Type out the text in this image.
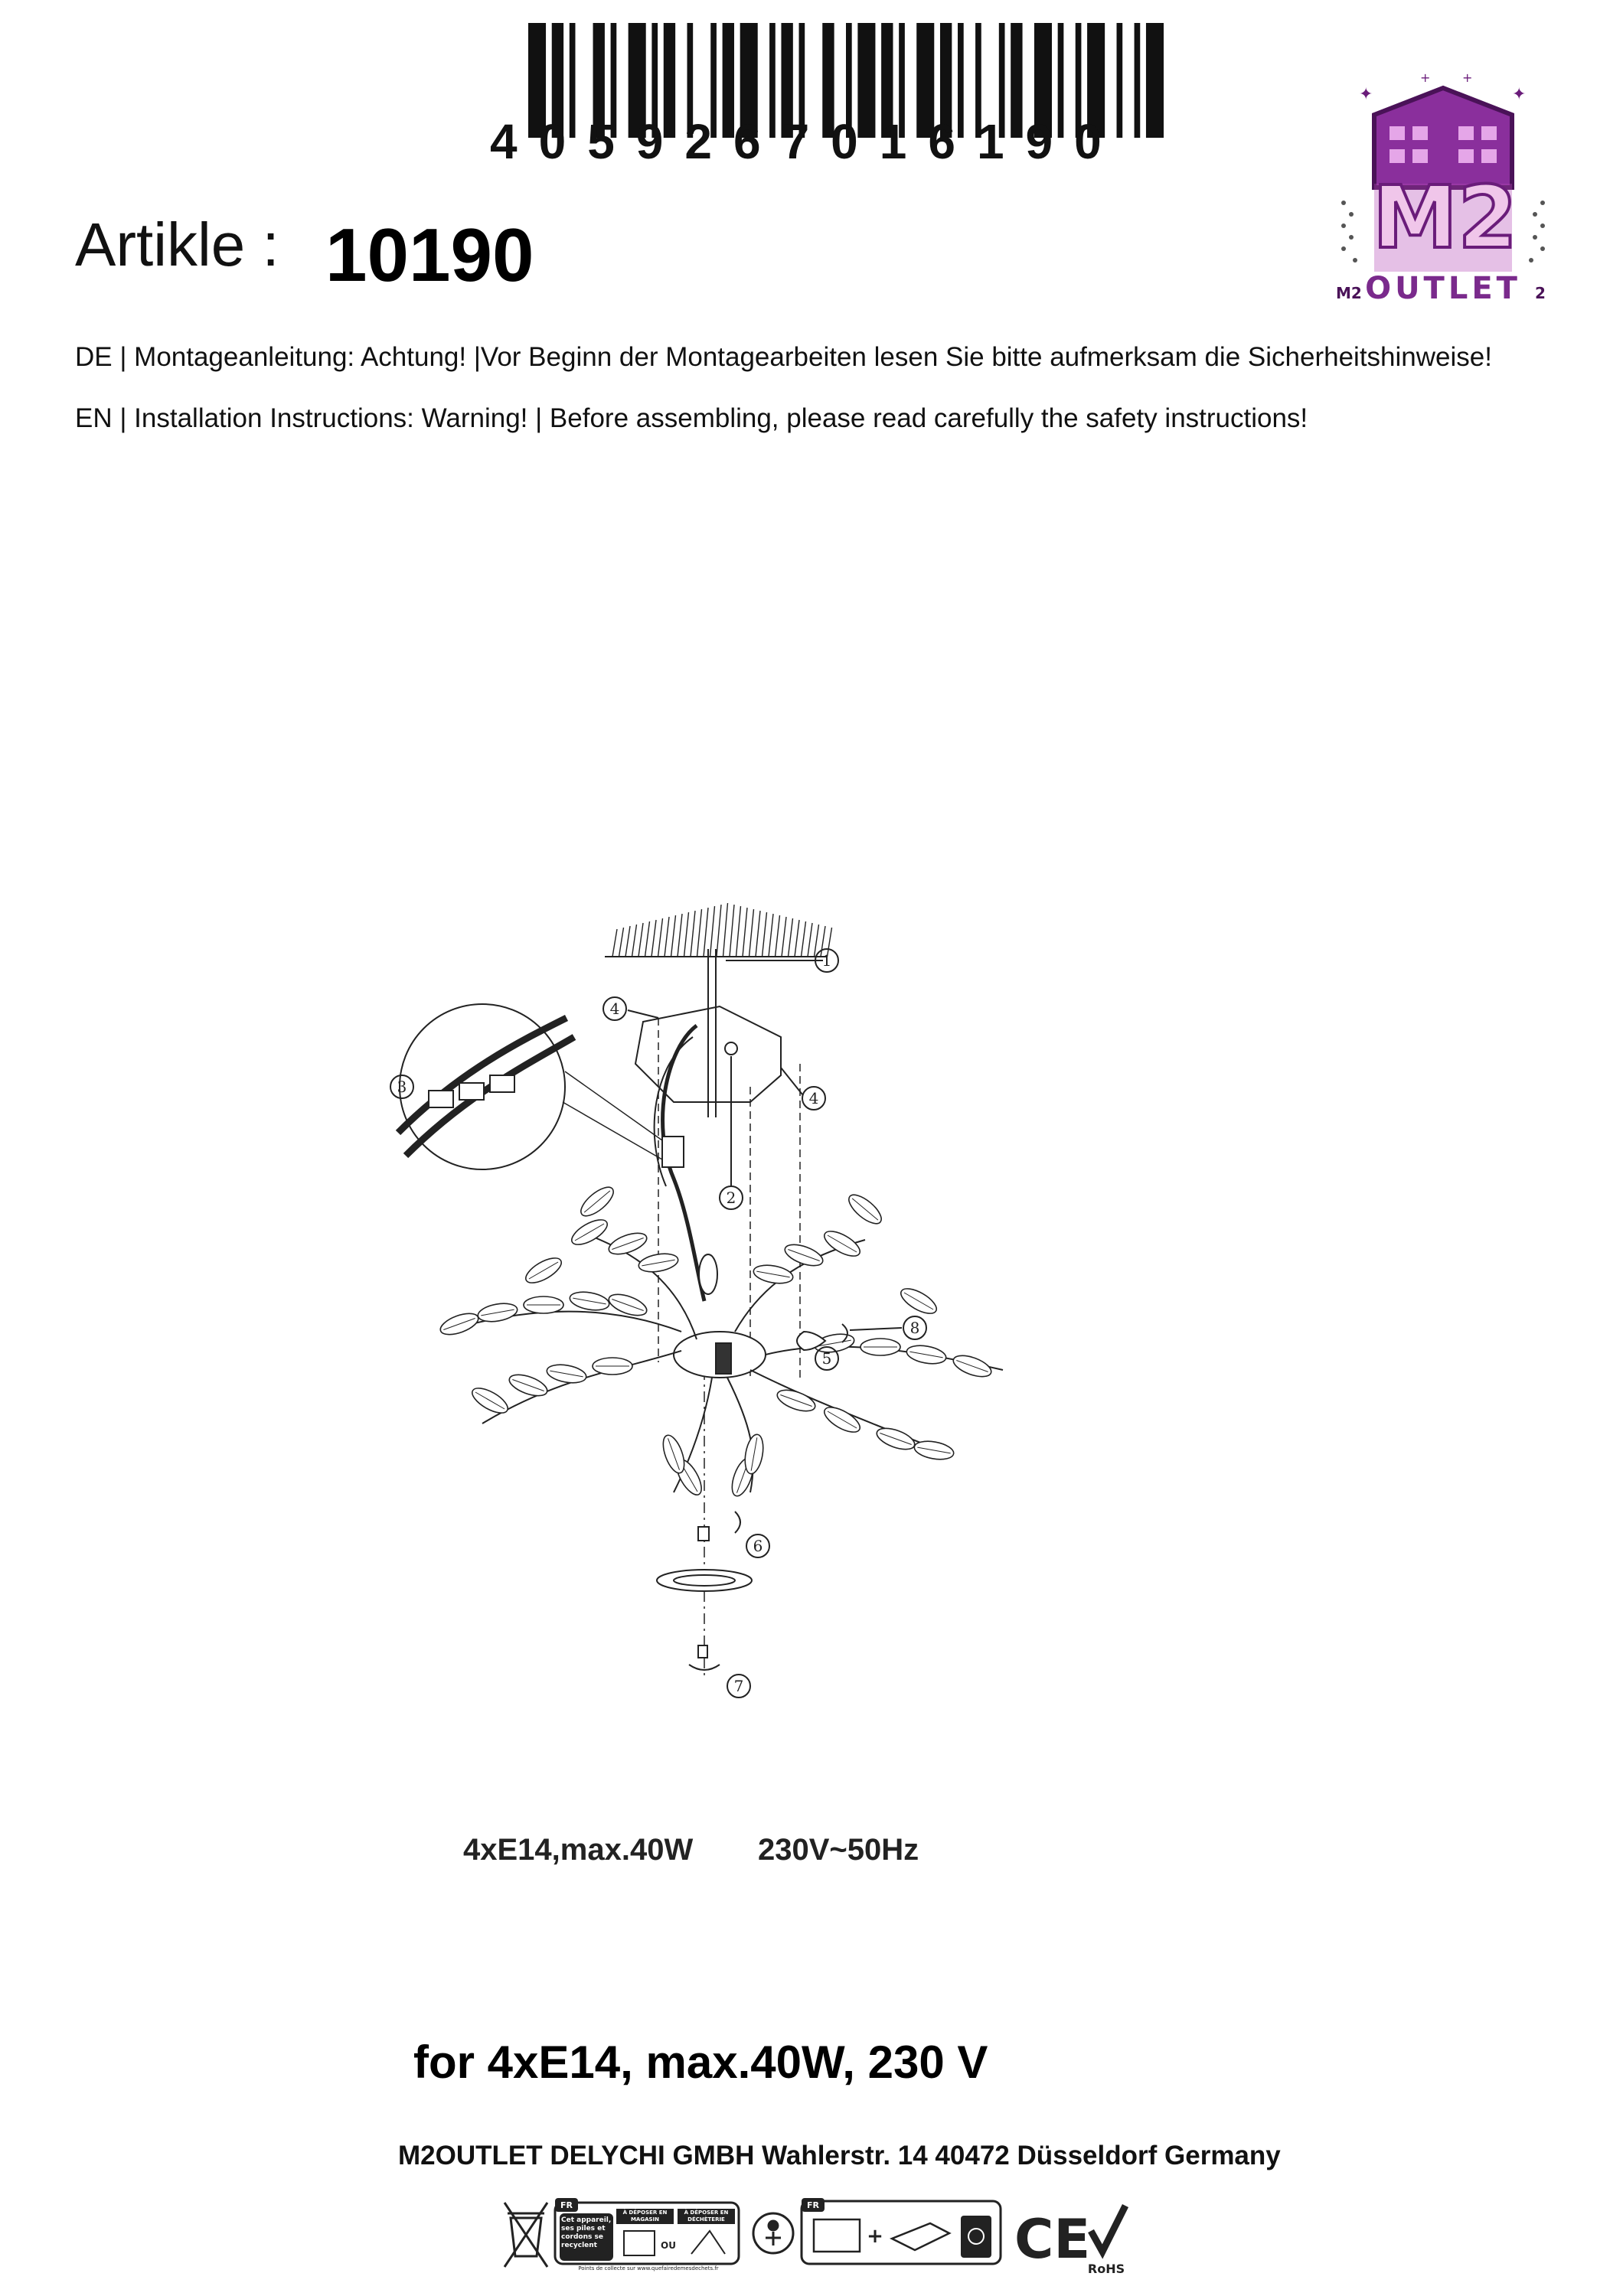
4059267016190
✦	✦
+	+
M2	2
M2
OUTLET
Artikle : 10190
DE | Montageanleitung: Achtung! |Vor Beginn der Montagearbeiten lesen Sie bitte aufmerksam die Sicherheitshinweise!
EN | Installation Instructions: Warning! | Before assembling, please read carefully the safety instructions!
1
2
3
4
4
5
6
7
8
4xE14,max.40W 230V~50Hz
for 4xE14, max.40W, 230 V
M2OUTLET DELYCHI GMBH Wahlerstr. 14 40472 Düsseldorf Germany
FR
Cet appareil, ses piles et cordons se recyclent
À DÉPOSER EN MAGASIN
À DÉPOSER EN DÉCHÈTERIE
OU
Points de collecte sur www.quefairedemesdechets.fr
FR
+ CE
RoHS
